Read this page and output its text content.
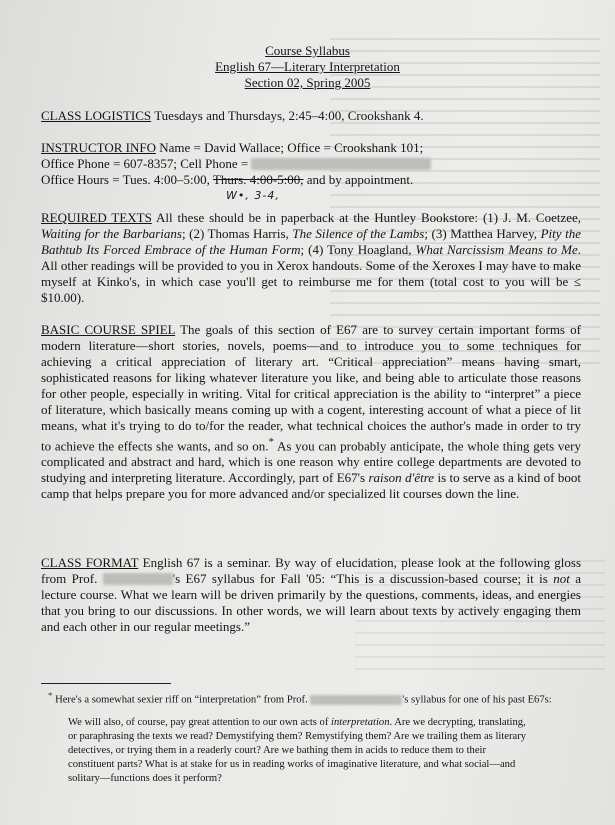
Course Syllabus
English 67—Literary Interpretation
Section 02, Spring 2005
CLASS LOGISTICS Tuesdays and Thursdays, 2:45–4:00, Crookshank 4.
INSTRUCTOR INFO Name = David Wallace; Office = Crookshank 101;
Office Phone = 607-8357; Cell Phone =
Office Hours = Tues. 4:00–5:00, Thurs. 4:00-5:00, and by appointment.
W•, 3-4,
REQUIRED TEXTS All these should be in paperback at the Huntley Bookstore: (1) J. M. Coetzee, Waiting for the Barbarians; (2) Thomas Harris, The Silence of the Lambs; (3) Matthea Harvey, Pity the Bathtub Its Forced Embrace of the Human Form; (4) Tony Hoagland, What Narcissism Means to Me. All other readings will be provided to you in Xerox handouts. Some of the Xeroxes I may have to make myself at Kinko's, in which case you'll get to reimburse me for them (total cost to you will be ≤ $10.00).
BASIC COURSE SPIEL The goals of this section of E67 are to survey certain important forms of modern literature—short stories, novels, poems—and to introduce you to some techniques for achieving a critical appreciation of literary art. “Critical appreciation” means having smart, sophisticated reasons for liking whatever literature you like, and being able to articulate those reasons for other people, especially in writing. Vital for critical appreciation is the ability to “interpret” a piece of literature, which basically means coming up with a cogent, interesting account of what a piece of lit means, what it's trying to do to/for the reader, what technical choices the author's made in order to try to achieve the effects she wants, and so on.* As you can probably anticipate, the whole thing gets very complicated and abstract and hard, which is one reason why entire college departments are devoted to studying and interpreting literature. Accordingly, part of E67's raison d'être is to serve as a kind of boot camp that helps prepare you for more advanced and/or specialized lit courses down the line.
CLASS FORMAT English 67 is a seminar. By way of elucidation, please look at the following gloss from Prof.	's E67 syllabus for Fall '05: “This is a discussion-based course; it is not a lecture course. What we learn will be driven primarily by the questions, comments, ideas, and energies that you bring to our discussions. In other words, we will learn about texts by actively engaging them and each other in our regular meetings.”
* Here's a somewhat sexier riff on “interpretation” from Prof.	's syllabus for one of his past E67s:
We will also, of course, pay great attention to our own acts of interpretation. Are we decrypting, translating, or paraphrasing the texts we read? Demystifying them? Remystifying them? Are we trailing them as literary detectives, or trying them in a readerly court? Are we bathing them in acids to reduce them to their constituent parts? What is at stake for us in reading works of imaginative literature, and what social—and solitary—functions does it perform?
